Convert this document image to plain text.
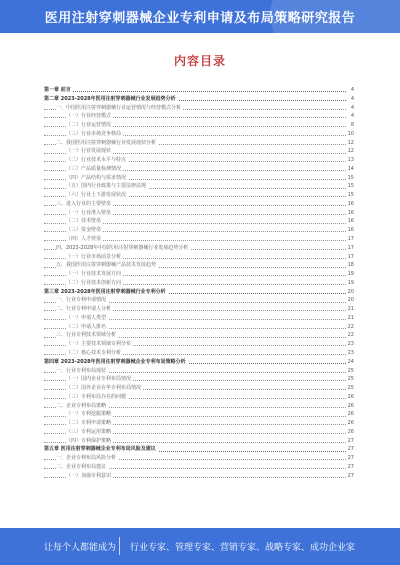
医用注射穿刺器械企业专利申请及布局策略研究报告
内容目录
第一章 前言	4
第二章 2023-2028年医用注射穿刺器械行业发展趋势分析	4
一、中国医用注射穿刺器械行业运营情况与经营模式分析	4
（一）行业经营模式	4
（二）行业运营情况	8
（三）行业市场竞争格局	10
二、我国医用注射穿刺器械行业发展现状分析	12
（一）行业发展现状	12
（二）行业技术水平与特点	13
（三）产品质量检测情况	14
（四）产品结构与需求情况	15
（五）国内行业政策与主要法律法规	15
（六）行业上下游发展状况	15
三、进入行业的主要壁垒	16
（一）行业准入壁垒	16
（二）技术壁垒	16
（三）资金壁垒	16
（四）人才壁垒	17
四、2023-2028年中国医用注射穿刺器械行业发展趋势分析	17
（一）行业市场前景分析	17
五、我国医用注射穿刺器械产品技术发展趋势	18
（一）行业技术发展方向	19
（二）行业技术创新方向	19
第三章 2023-2028年医用注射穿刺器械行业专利分析	20
一、行业专利申请情况	20
二、行业专利申请人分析	21
（一）申请人类型	21
（二）申请人排名	22
三、行业专利技术领域分析	22
（一）主要技术领域专利分布	23
（二）核心技术专利分析	23
第四章 2023-2028年医用注射穿刺器械企业专利布局策略分析	24
一、行业专利布局现状	25
（一）国内企业专利布局情况	25
（二）国外企业在华专利布局情况	25
（三）专利布局存在的问题	26
二、企业专利布局策略	26
（一）专利挖掘策略	26
（二）专利申请策略	26
（三）专利运用策略	26
（四）专利保护策略	27
第五章 医用注射穿刺器械企业专利布局风险及建议	27
一、企业专利布局风险分析	27
二、企业专利布局建议	27
（一）加强专利意识	27
让每个人都能成为 行业专家、管理专家、营销专家、战略专家、成功企业家
